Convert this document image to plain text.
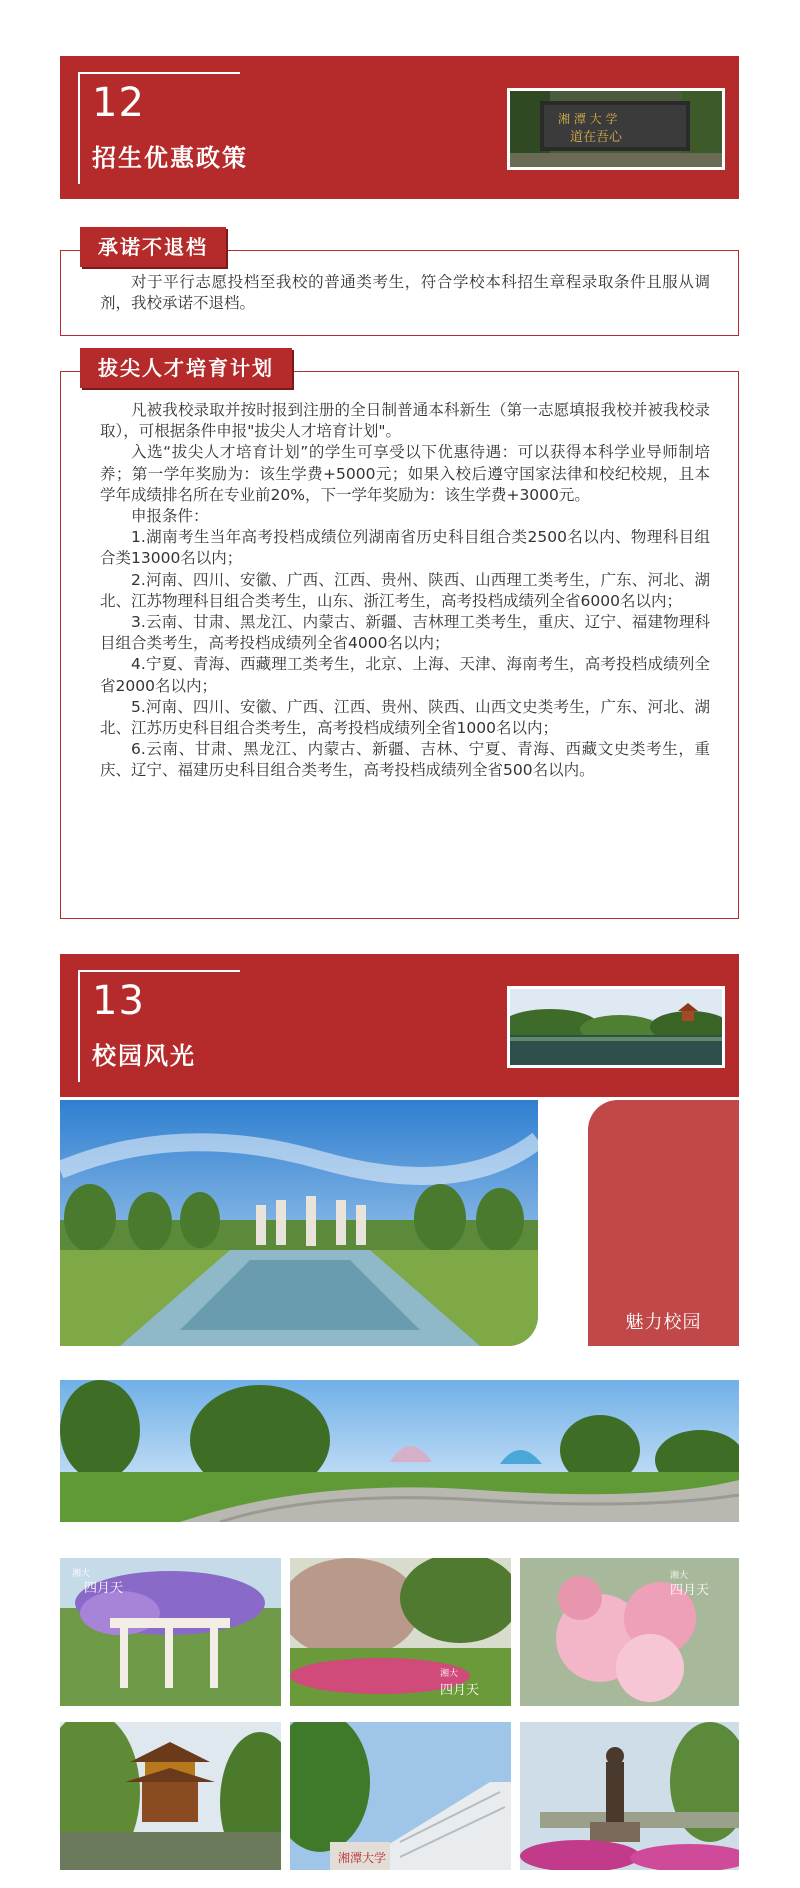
12
招生优惠政策
湘 潭 大 学
道在吾心
承诺不退档

对于平行志愿投档至我校的普通类考生，符合学校本科招生章程录取条件且服从调剂，我校承诺不退档。

拔尖人才培育计划

凡被我校录取并按时报到注册的全日制普通本科新生（第一志愿填报我校并被我校录取），可根据条件申报"拔尖人才培育计划"。

入选“拔尖人才培育计划”的学生可享受以下优惠待遇：可以获得本科学业导师制培养；第一学年奖励为：该生学费+5000元；如果入校后遵守国家法律和校纪校规，且本学年成绩排名所在专业前20%，下一学年奖励为：该生学费+3000元。

申报条件：

1.湖南考生当年高考投档成绩位列湖南省历史科目组合类2500名以内、物理科目组合类13000名以内；

2.河南、四川、安徽、广西、江西、贵州、陕西、山西理工类考生，广东、河北、湖北、江苏物理科目组合类考生，山东、浙江考生，高考投档成绩列全省6000名以内；

3.云南、甘肃、黑龙江、内蒙古、新疆、吉林理工类考生，重庆、辽宁、福建物理科目组合类考生，高考投档成绩列全省4000名以内；

4.宁夏、青海、西藏理工类考生，北京、上海、天津、海南考生，高考投档成绩列全省2000名以内；

5.河南、四川、安徽、广西、江西、贵州、陕西、山西文史类考生，广东、河北、湖北、江苏历史科目组合类考生，高考投档成绩列全省1000名以内；

6.云南、甘肃、黑龙江、内蒙古、新疆、吉林、宁夏、青海、西藏文史类考生，重庆、辽宁、福建历史科目组合类考生，高考投档成绩列全省500名以内。

13
校园风光
魅力校园
湘大
四月天
湘大
四月天
湘大
四月天
湘潭大学
